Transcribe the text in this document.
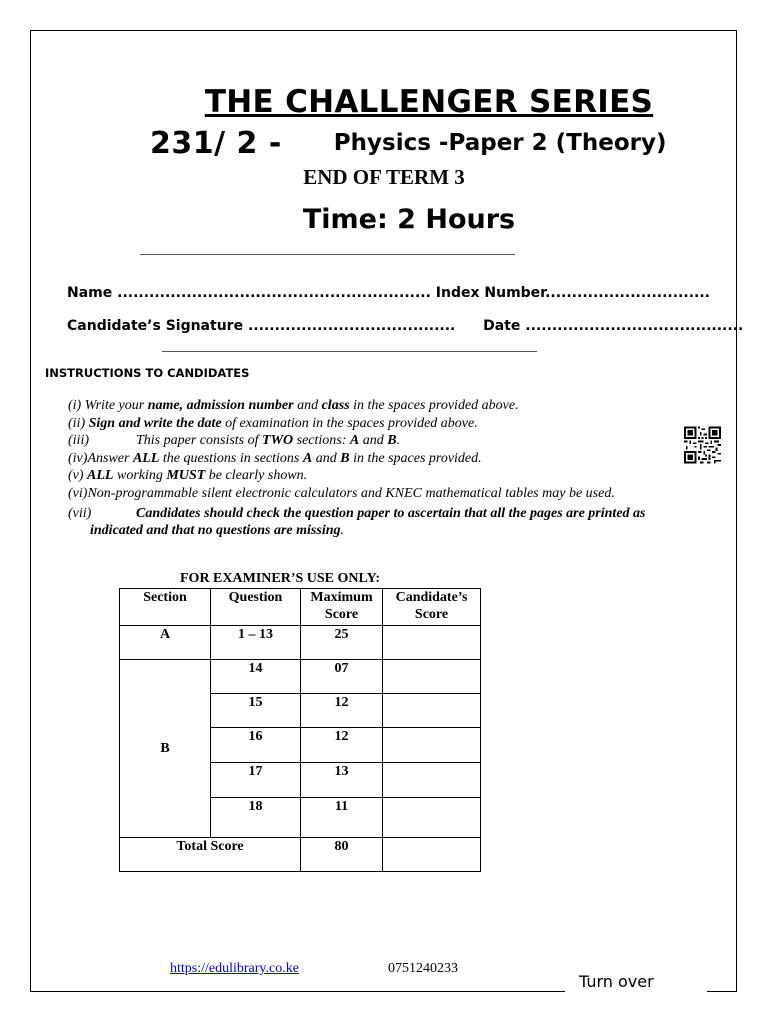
THE CHALLENGER SERIES
231/ 2 - Physics -Paper 2 (Theory)
END OF TERM 3
Time: 2 Hours
Name ........................................................... Index Number...............................
Candidate’s Signature ....................................... Date .........................................
INSTRUCTIONS TO CANDIDATES
(i) Write your name, admission number and class in the spaces provided above.
(ii) Sign and write the date of examination in the spaces provided above.
(iii)	This paper consists of TWO sections: A and B.
(iv)Answer ALL the questions in sections A and B in the spaces provided.
(v) ALL working MUST be clearly shown.
(vi)Non-programmable silent electronic calculators and KNEC mathematical tables may be used.
(vii)	Candidates should check the question paper to ascertain that all the pages are printed as
indicated and that no questions are missing.
FOR EXAMINER’S USE ONLY:
Section	Question	Maximum Score	Candidate’s Score
A	1 – 13	25	
B	14	07	
	15	12	
	16	12	
	17	13	
	18	11	
Total Score		80	
https://edulibrary.co.ke	0751240233
Turn over
